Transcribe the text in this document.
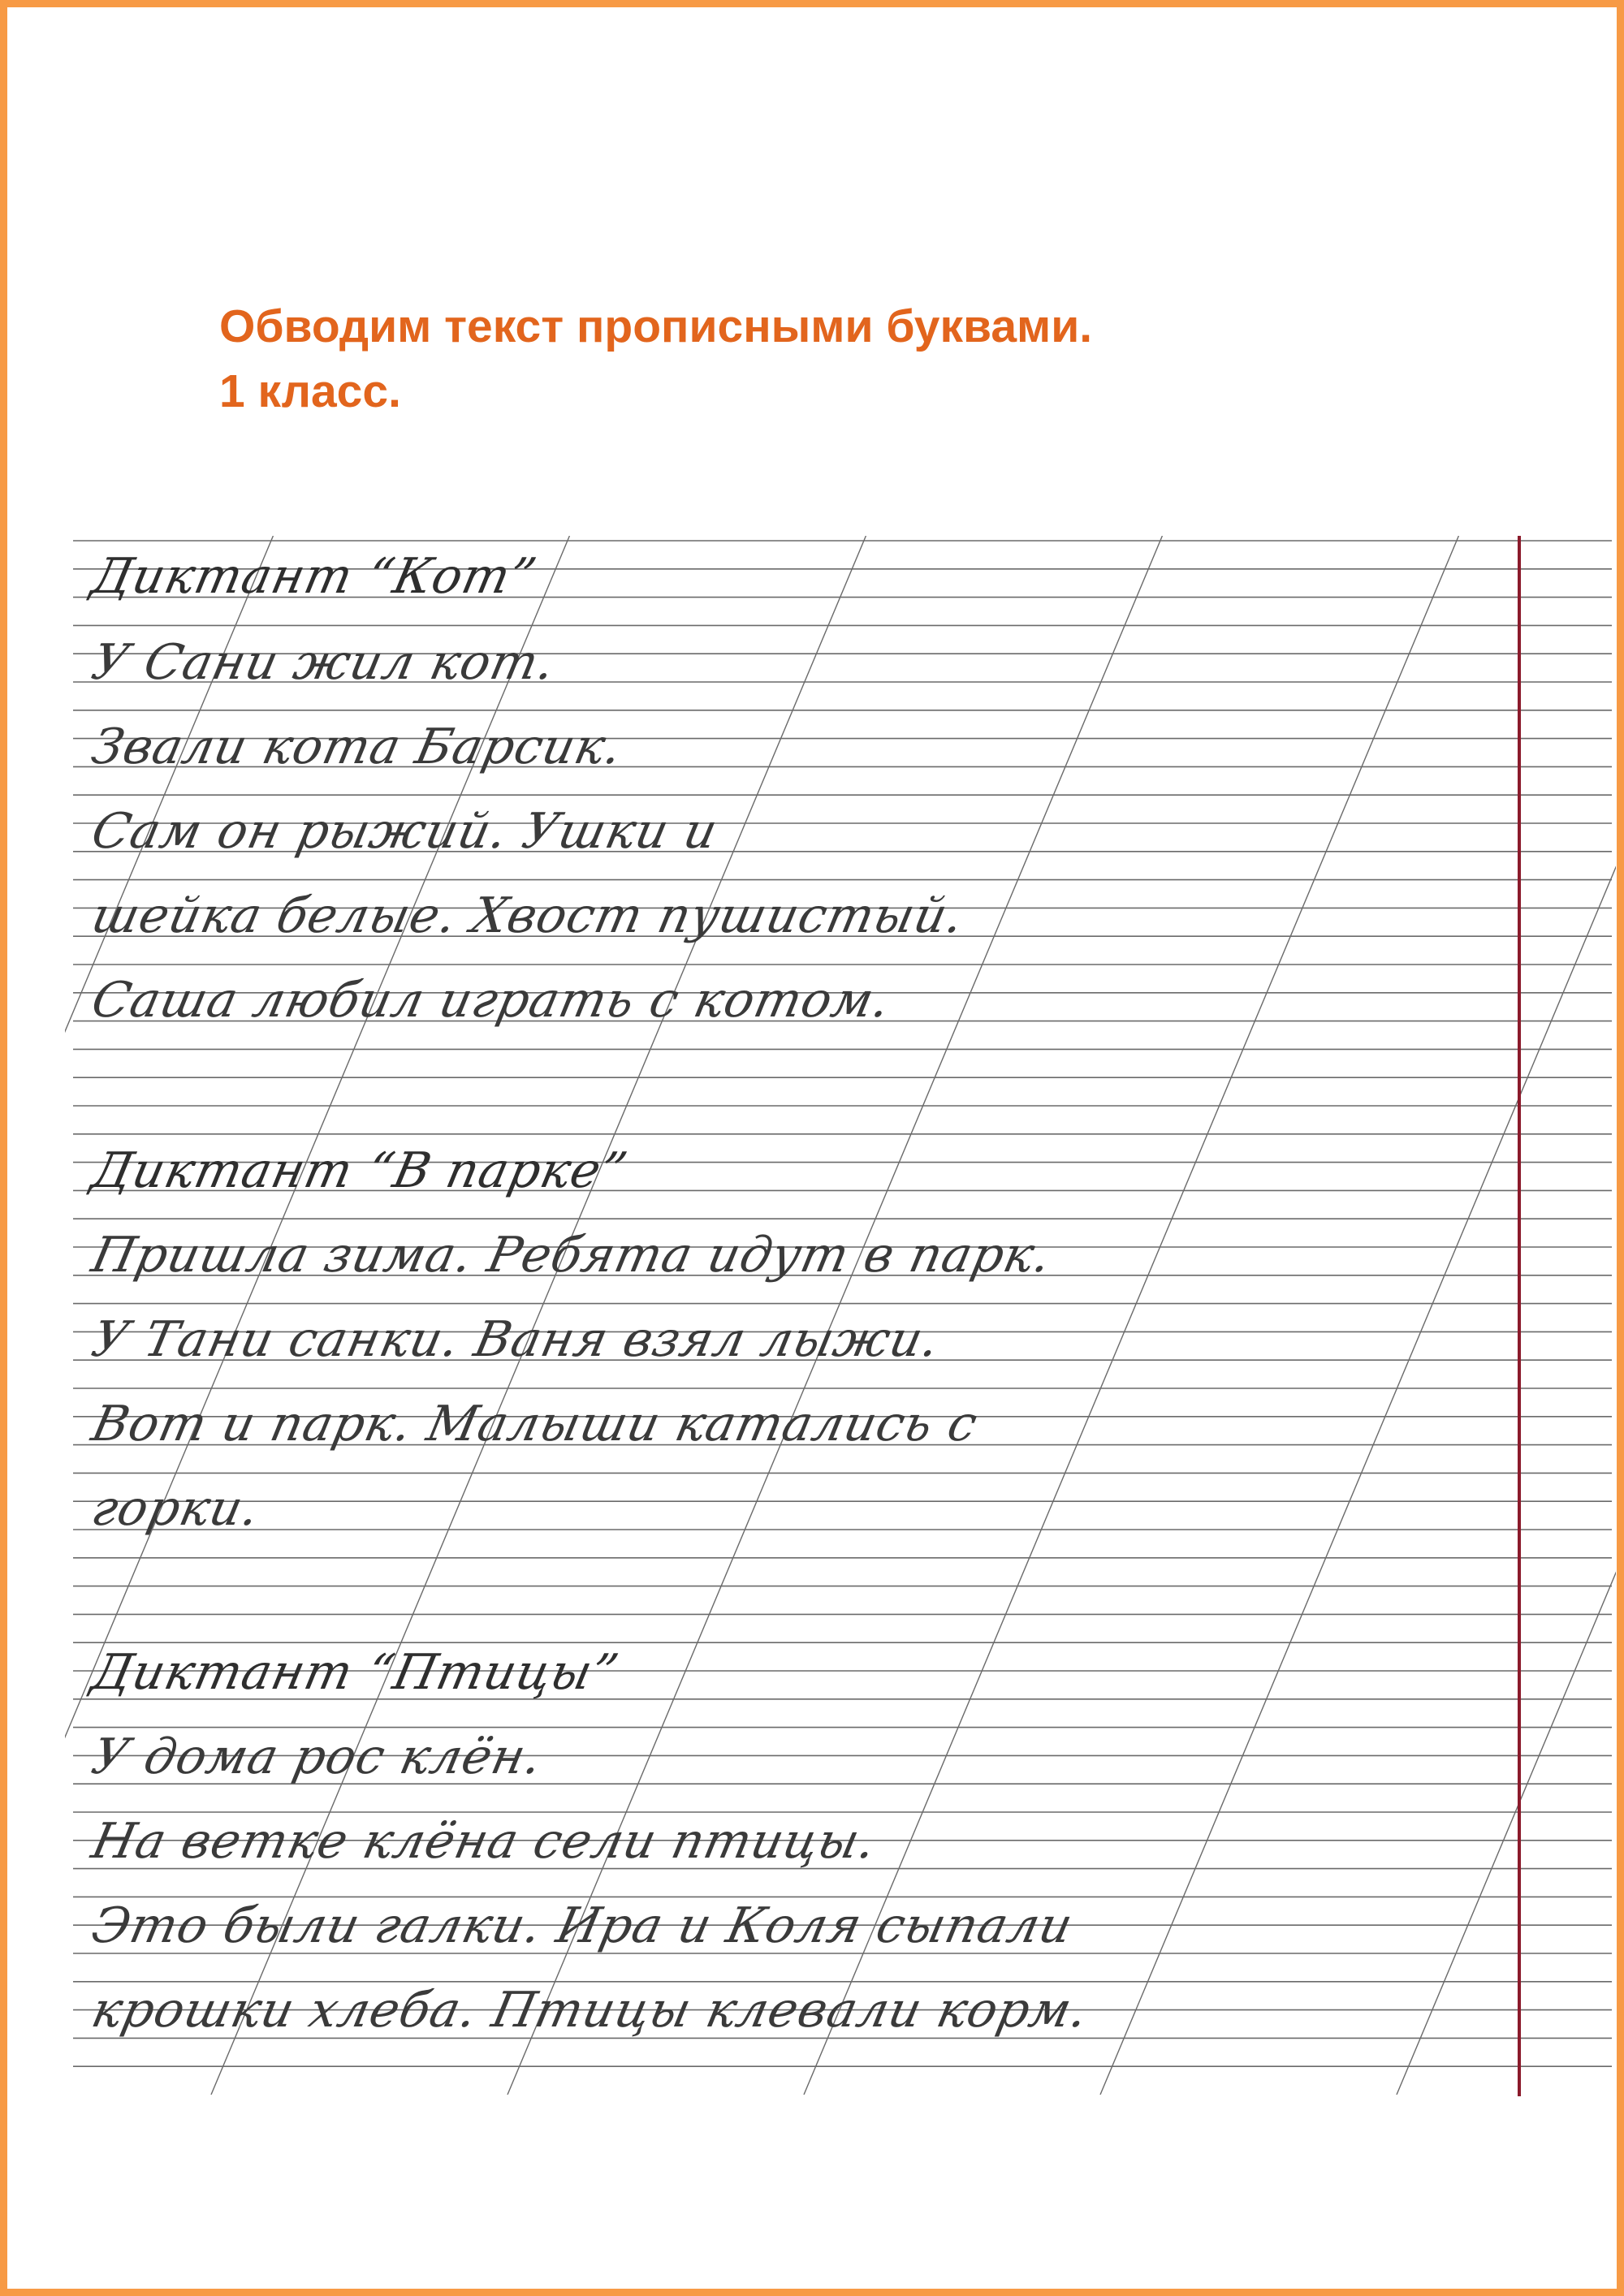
Обводим текст прописными буквами.
1 класс.
Диктант “Кот”
У Сани жил кот.
Звали кота Барсик.
Сам он рыжий. Ушки и
шейка белые. Хвост пушистый.
Саша любил играть с котом.
Диктант “В парке”
Пришла зима. Ребята идут в парк.
У Тани санки. Ваня взял лыжи.
Вот и парк. Малыши катались с
горки.
Диктант “Птицы”
У дома рос клён.
На ветке клёна сели птицы.
Это были галки. Ира и Коля сыпали
крошки хлеба. Птицы клевали корм.
